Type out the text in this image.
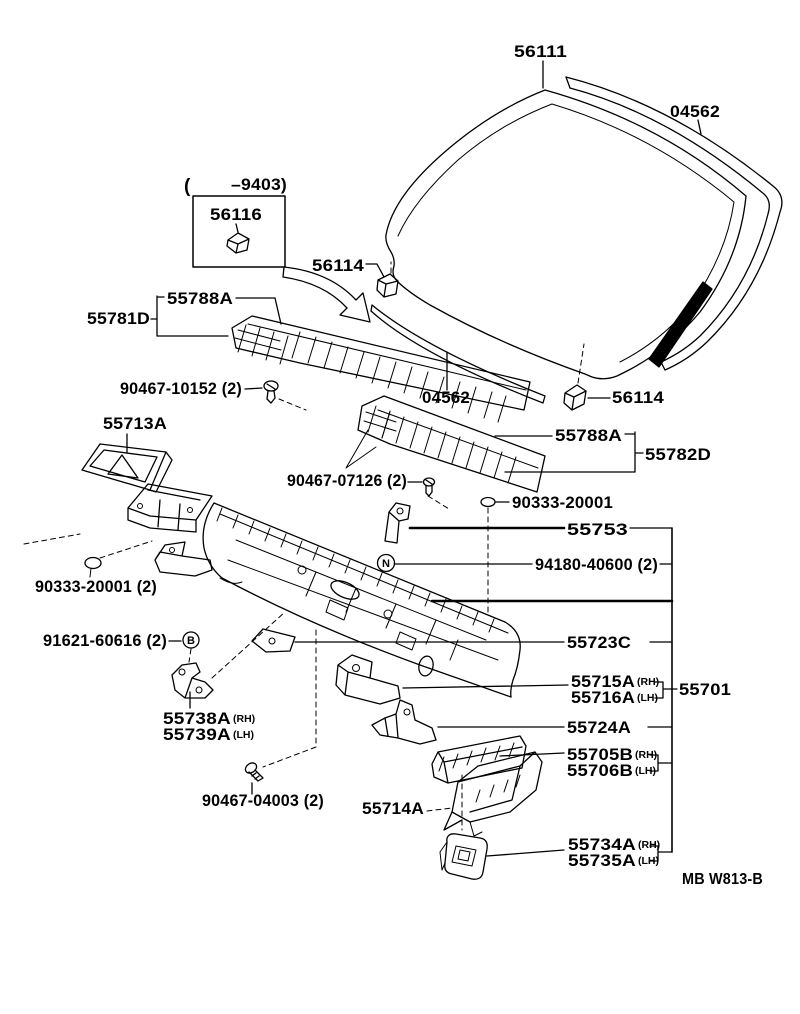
56111
04562
( –9403)
56116
56114
55788A
55781D
90467-10152 (2)
55713A
04562	56114
55788A
55782D
90467-07126 (2)
90333-20001
55753
94180-40600 (2)
90333-20001 (2)
55723C
91621-60616 (2)
55715A (RH)
55716A (LH) 55701
55738A (RH)
55739A (LH)	55724A
55705B (RH)
55706B (LH)
90467-04003 (2) 55714A
55734A (RH)
55735A (LH)
N
B
MB W813-B
